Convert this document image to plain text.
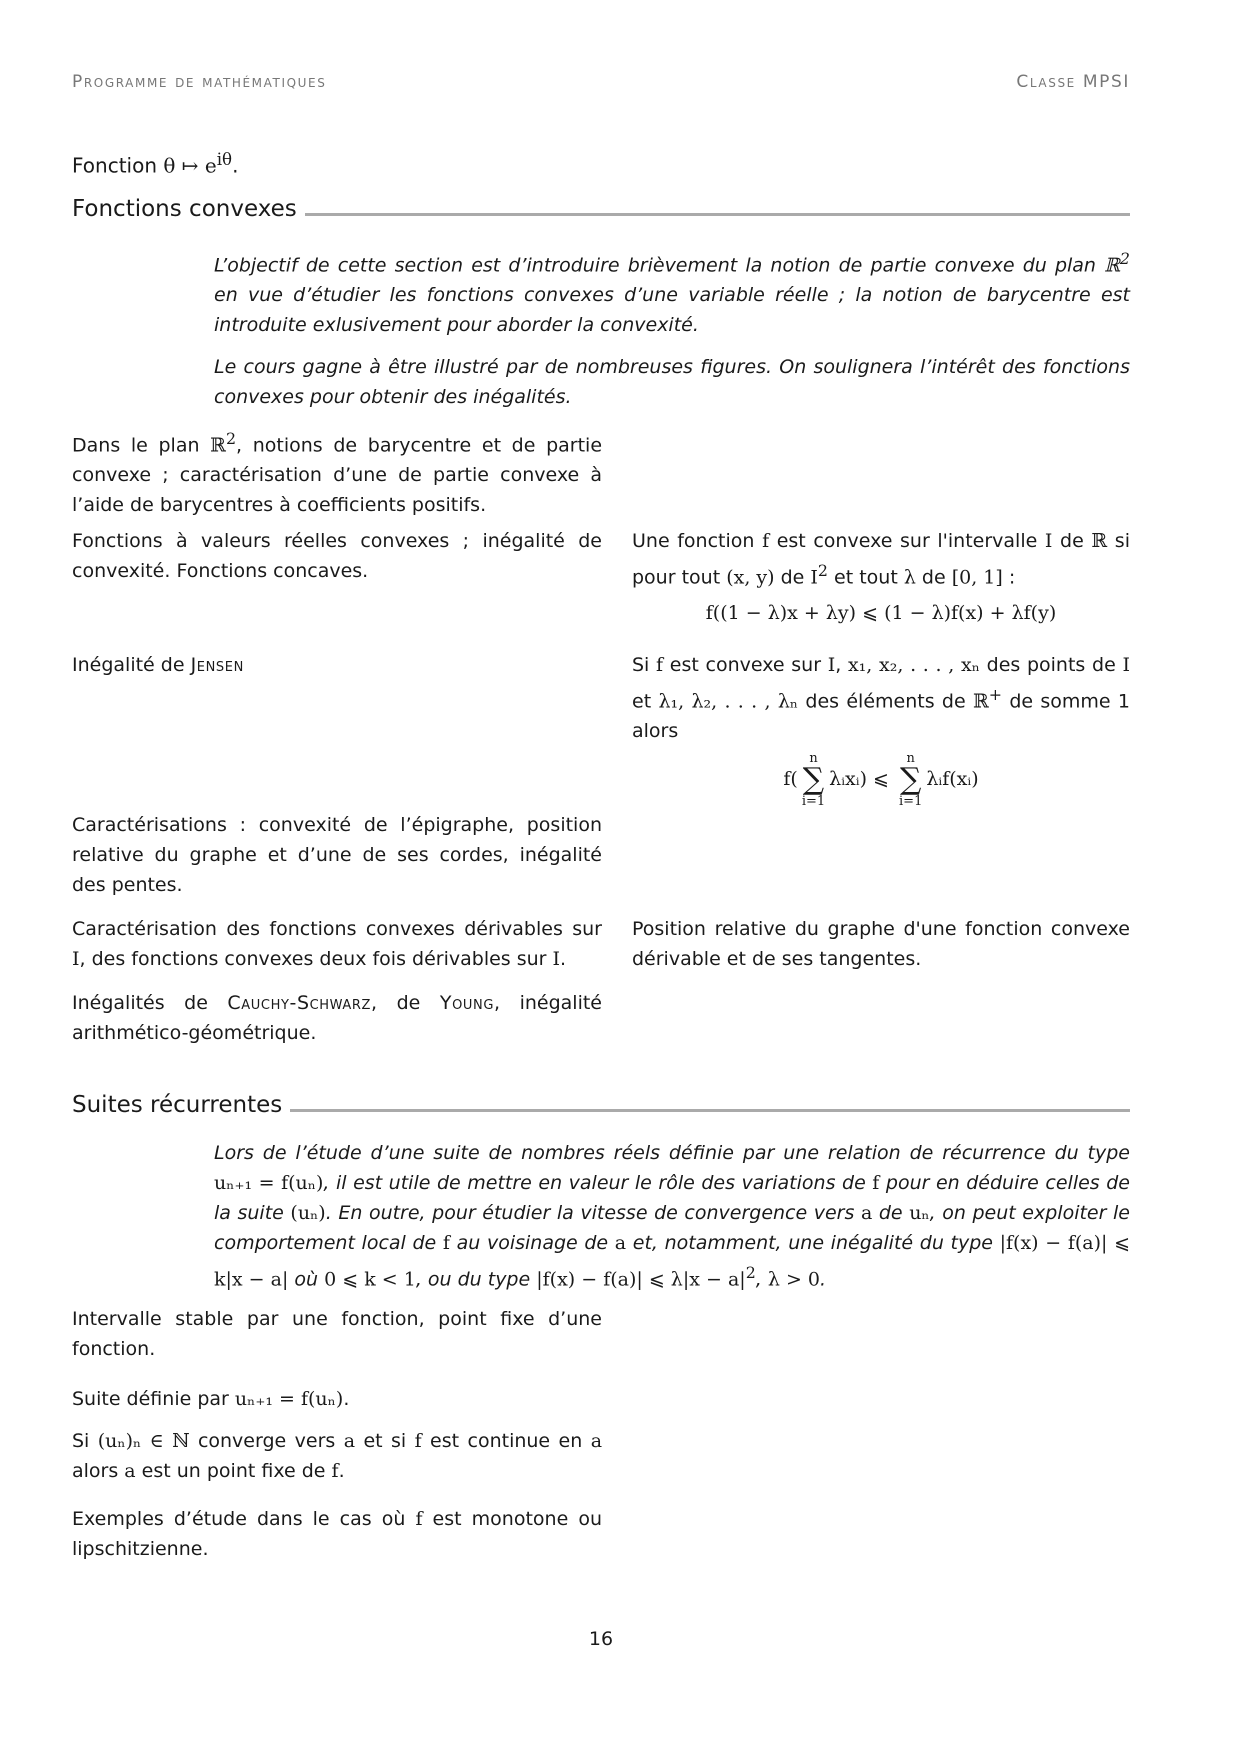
Programme de mathématiques	Classe MPSI
Fonction θ ↦ $e^{i\theta}$.
Fonctions convexes

L’objectif de cette section est d’introduire brièvement la notion de partie convexe du plan ℝ$^2$ en vue d’étudier les fonctions convexes d’une variable réelle ; la notion de barycentre est introduite exlusivement pour aborder la convexité.

Le cours gagne à être illustré par de nombreuses figures. On soulignera l’intérêt des fonctions convexes pour obtenir des inégalités.

Dans le plan ℝ$^2$, notions de barycentre et de partie convexe ; caractérisation d’une de partie convexe à l’aide de barycentres à coefficients positifs.
Fonctions à valeurs réelles convexes ; inégalité de convexité. Fonctions concaves.
Une fonction f est convexe sur l'intervalle I de ℝ si pour tout (x, y) de $I^2$ et tout λ de [0, 1] :
f((1 − λ)x + λy) ⩽ (1 − λ)f(x) + λf(y)
Inégalité de Jensen	Si f est convexe sur I, x₁, x₂, . . . , xₙ des points de I et λ₁, λ₂, . . . , λₙ des éléments de ℝ+ de somme 1 alors
f(
n
∑
i=1
λᵢxᵢ) ⩽
n
∑
i=1
λᵢf(xᵢ)
Caractérisations : convexité de l’épigraphe, position relative du graphe et d’une de ses cordes, inégalité des pentes.
Caractérisation des fonctions convexes dérivables sur I, des fonctions convexes deux fois dérivables sur I.
Position relative du graphe d'une fonction convexe dérivable et de ses tangentes.
Inégalités de Cauchy-Schwarz, de Young, inégalité arithmético-géométrique.
Suites récurrentes

Lors de l’étude d’une suite de nombres réels définie par une relation de récurrence du type uₙ₊₁ = f(uₙ), il est utile de mettre en valeur le rôle des variations de f pour en déduire celles de la suite (uₙ). En outre, pour étudier la vitesse de convergence vers a de uₙ, on peut exploiter le comportement local de f au voisinage de a et, notamment, une inégalité du type |f(x) − f(a)| ⩽ k|x − a| où 0 ⩽ k < 1, ou du type |f(x) − f(a)| ⩽ $\lambda|x - a|^2$, λ > 0.

Intervalle stable par une fonction, point fixe d’une fonction.
Suite définie par uₙ₊₁ = f(uₙ).
Si (uₙ)ₙ ∈ ℕ converge vers a et si f est continue en a alors a est un point fixe de f.
Exemples d’étude dans le cas où f est monotone ou lipschitzienne.
16
